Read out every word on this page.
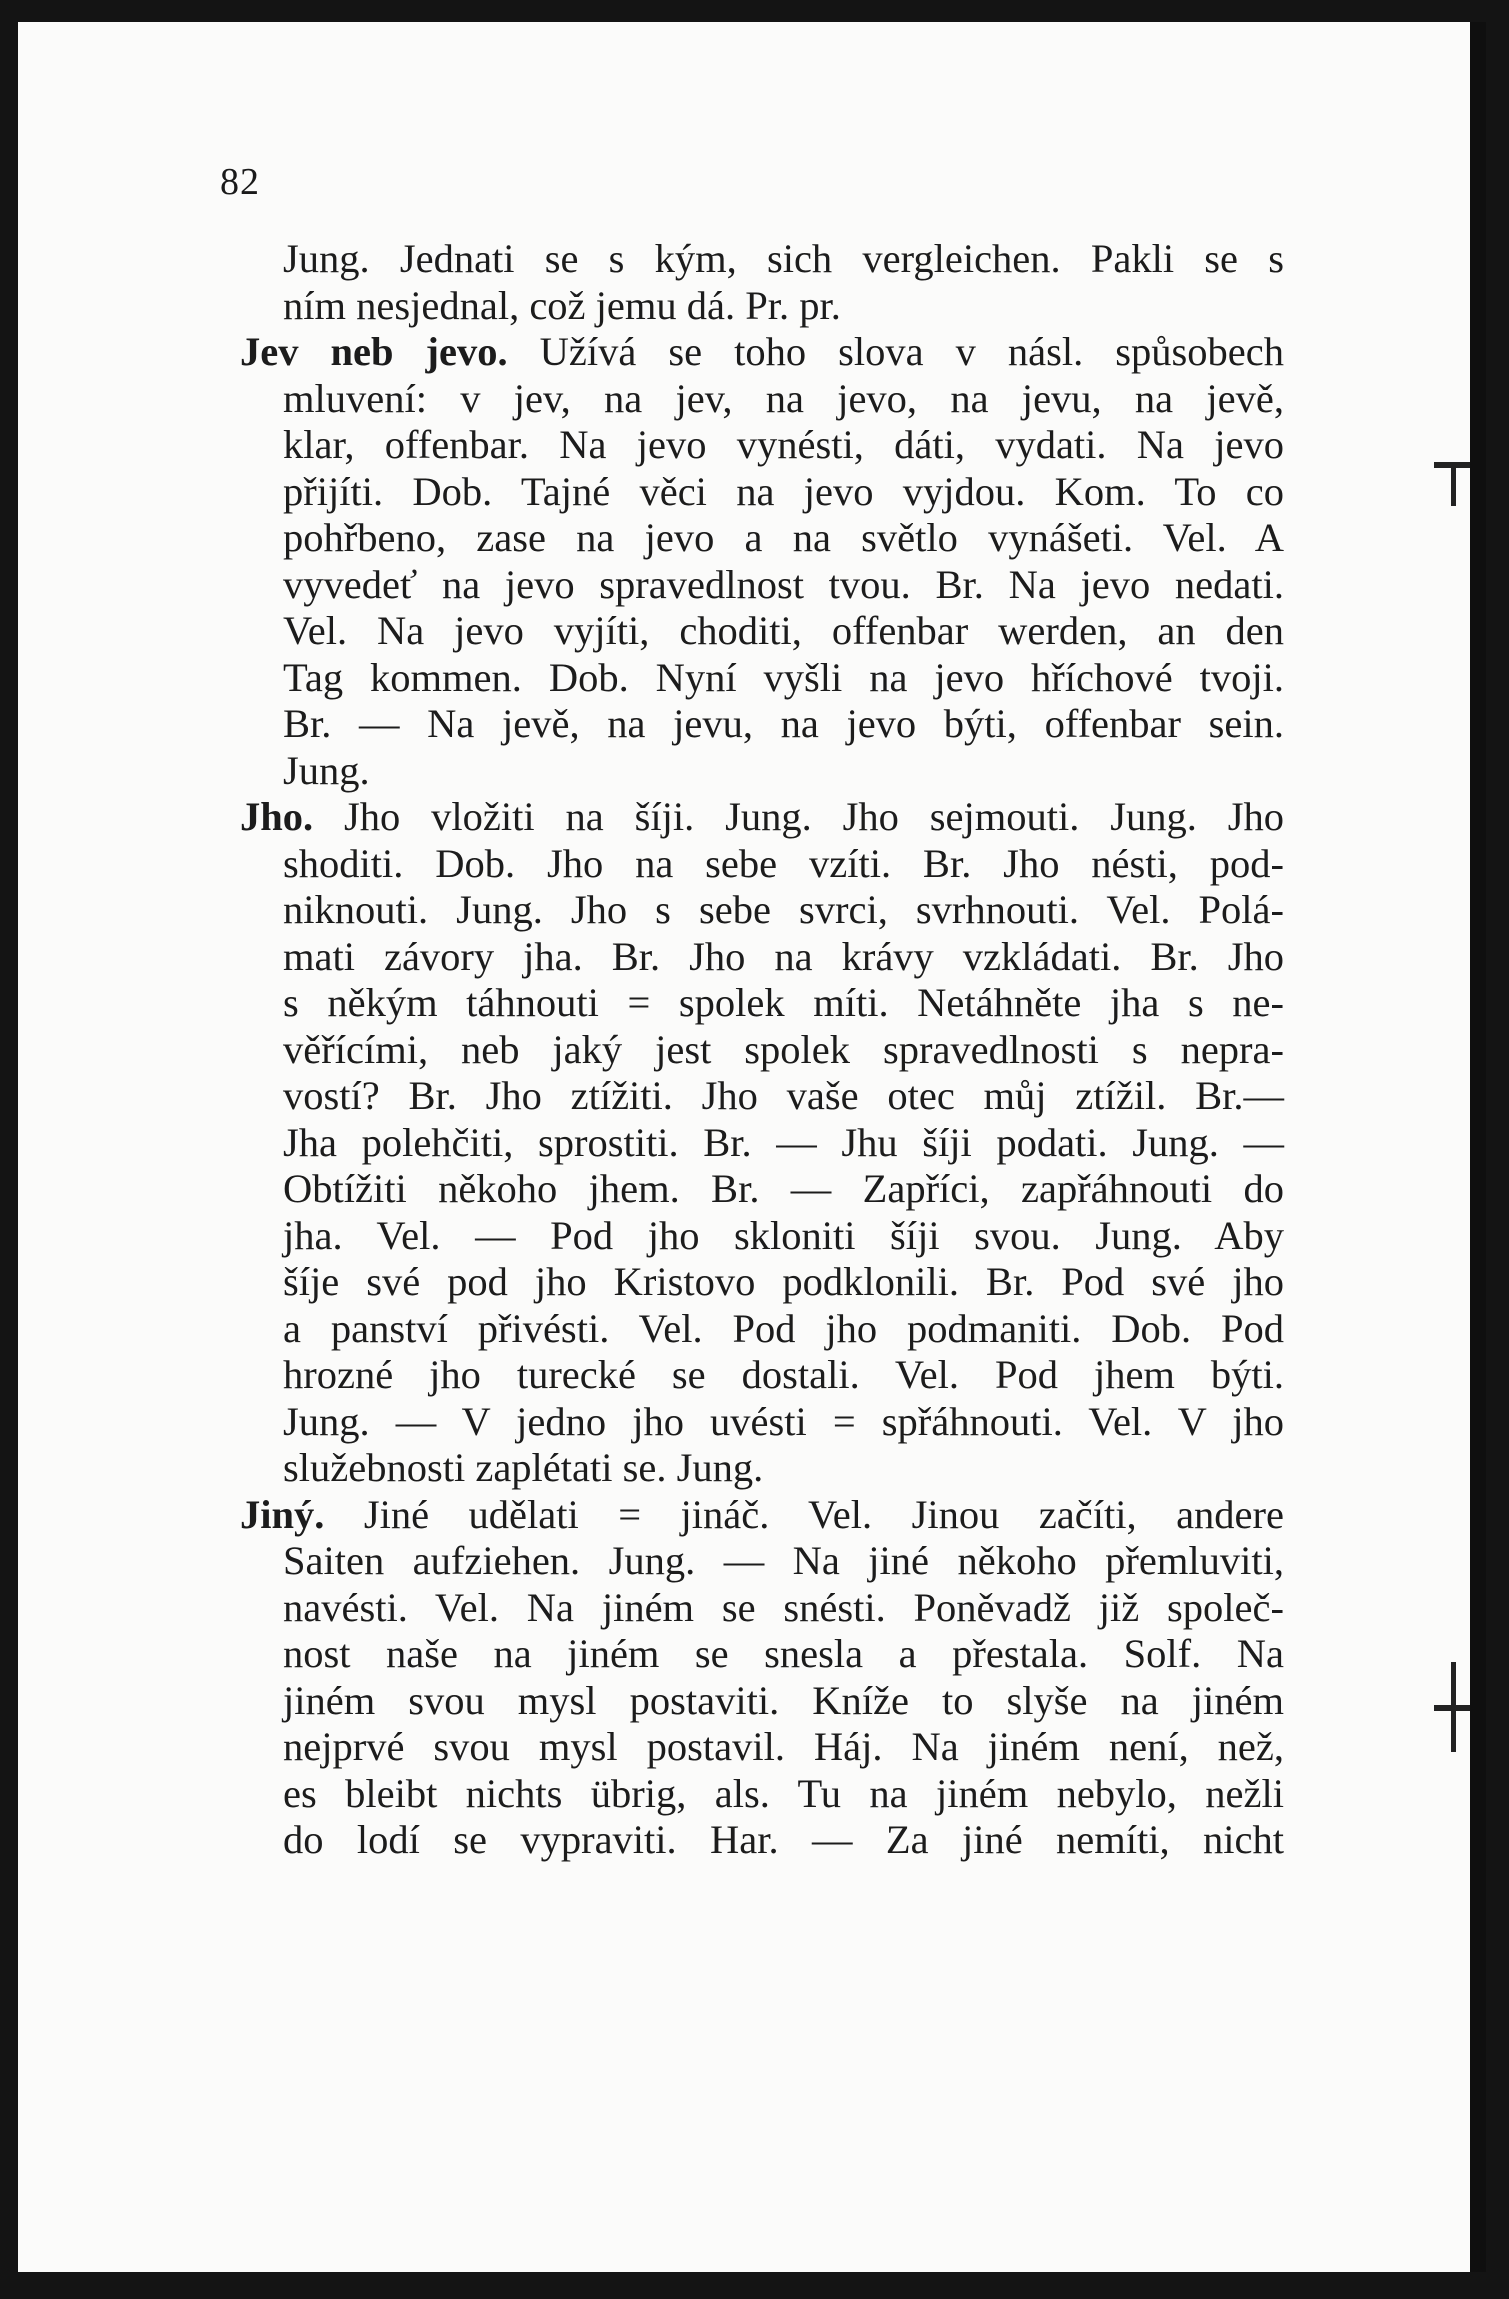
82
Jung. Jednati se s kým, sich vergleichen. Pakli se s
ním nesjednal, což jemu dá. Pr. pr.
Jev neb jevo. Užívá se toho slova v násl. spůsobech
mluvení: v jev, na jev, na jevo, na jevu, na jevě,
klar, offenbar. Na jevo vynésti, dáti, vydati. Na jevo
přijíti. Dob. Tajné věci na jevo vyjdou. Kom. To co
pohřbeno, zase na jevo a na světlo vynášeti. Vel. A
vyvedeť na jevo spravedlnost tvou. Br. Na jevo nedati.
Vel. Na jevo vyjíti, choditi, offenbar werden, an den
Tag kommen. Dob. Nyní vyšli na jevo hříchové tvoji.
Br. — Na jevě, na jevu, na jevo býti, offenbar sein.
Jung.
Jho. Jho vložiti na šíji. Jung. Jho sejmouti. Jung. Jho
shoditi. Dob. Jho na sebe vzíti. Br. Jho nésti, pod-
niknouti. Jung. Jho s sebe svrci, svrhnouti. Vel. Polá-
mati závory jha. Br. Jho na krávy vzkládati. Br. Jho
s někým táhnouti = spolek míti. Netáhněte jha s ne-
věřícími, neb jaký jest spolek spravedlnosti s nepra-
vostí? Br. Jho ztížiti. Jho vaše otec můj ztížil. Br.—
Jha polehčiti, sprostiti. Br. — Jhu šíji podati. Jung. —
Obtížiti někoho jhem. Br. — Zapříci, zapřáhnouti do
jha. Vel. — Pod jho skloniti šíji svou. Jung. Aby
šíje své pod jho Kristovo podklonili. Br. Pod své jho
a panství přivésti. Vel. Pod jho podmaniti. Dob. Pod
hrozné jho turecké se dostali. Vel. Pod jhem býti.
Jung. — V jedno jho uvésti = spřáhnouti. Vel. V jho
služebnosti zaplétati se. Jung.
Jiný. Jiné udělati = jináč. Vel. Jinou začíti, andere
Saiten aufziehen. Jung. — Na jiné někoho přemluviti,
navésti. Vel. Na jiném se snésti. Poněvadž již společ-
nost naše na jiném se snesla a přestala. Solf. Na
jiném svou mysl postaviti. Kníže to slyše na jiném
nejprvé svou mysl postavil. Háj. Na jiném není, než,
es bleibt nichts übrig, als. Tu na jiném nebylo, nežli
do lodí se vypraviti. Har. — Za jiné nemíti, nicht
